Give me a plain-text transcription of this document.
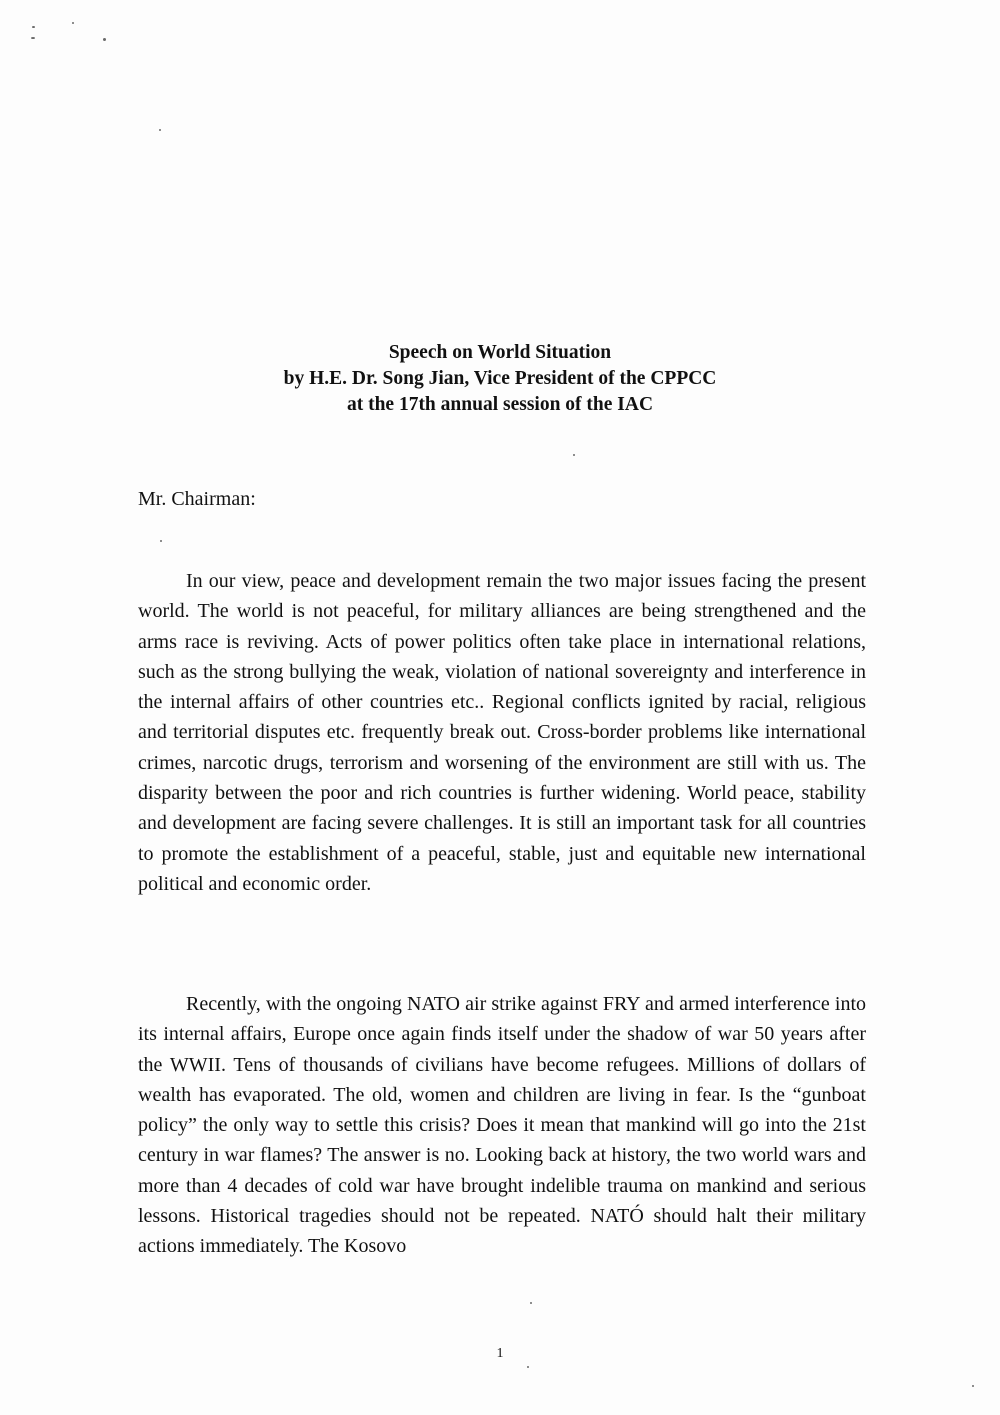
Speech on World Situation
by H.E. Dr. Song Jian, Vice President of the CPPCC
at the 17th annual session of the IAC
Mr. Chairman:

In our view, peace and development remain the two major issues facing the present world. The world is not peaceful, for military alliances are being strengthened and the arms race is reviving. Acts of power politics often take place in international relations, such as the strong bullying the weak, violation of national sovereignty and interference in the internal affairs of other countries etc.. Regional conflicts ignited by racial, religious and territorial disputes etc. frequently break out. Cross-border problems like international crimes, narcotic drugs, terrorism and worsening of the environment are still with us. The disparity between the poor and rich countries is further widening. World peace, stability and development are facing severe challenges. It is still an important task for all countries to promote the establishment of a peaceful, stable, just and equitable new international political and economic order.

Recently, with the ongoing NATO air strike against FRY and armed interference into its internal affairs, Europe once again finds itself under the shadow of war 50 years after the WWII. Tens of thousands of civilians have become refugees. Millions of dollars of wealth has evaporated. The old, women and children are living in fear. Is the “gunboat policy” the only way to settle this crisis? Does it mean that mankind will go into the 21st century in war flames? The answer is no. Looking back at history, the two world wars and more than 4 decades of cold war have brought indelible trauma on mankind and serious lessons. Historical tragedies should not be repeated. NATÓ should halt their military actions immediately. The Kosovo

1
